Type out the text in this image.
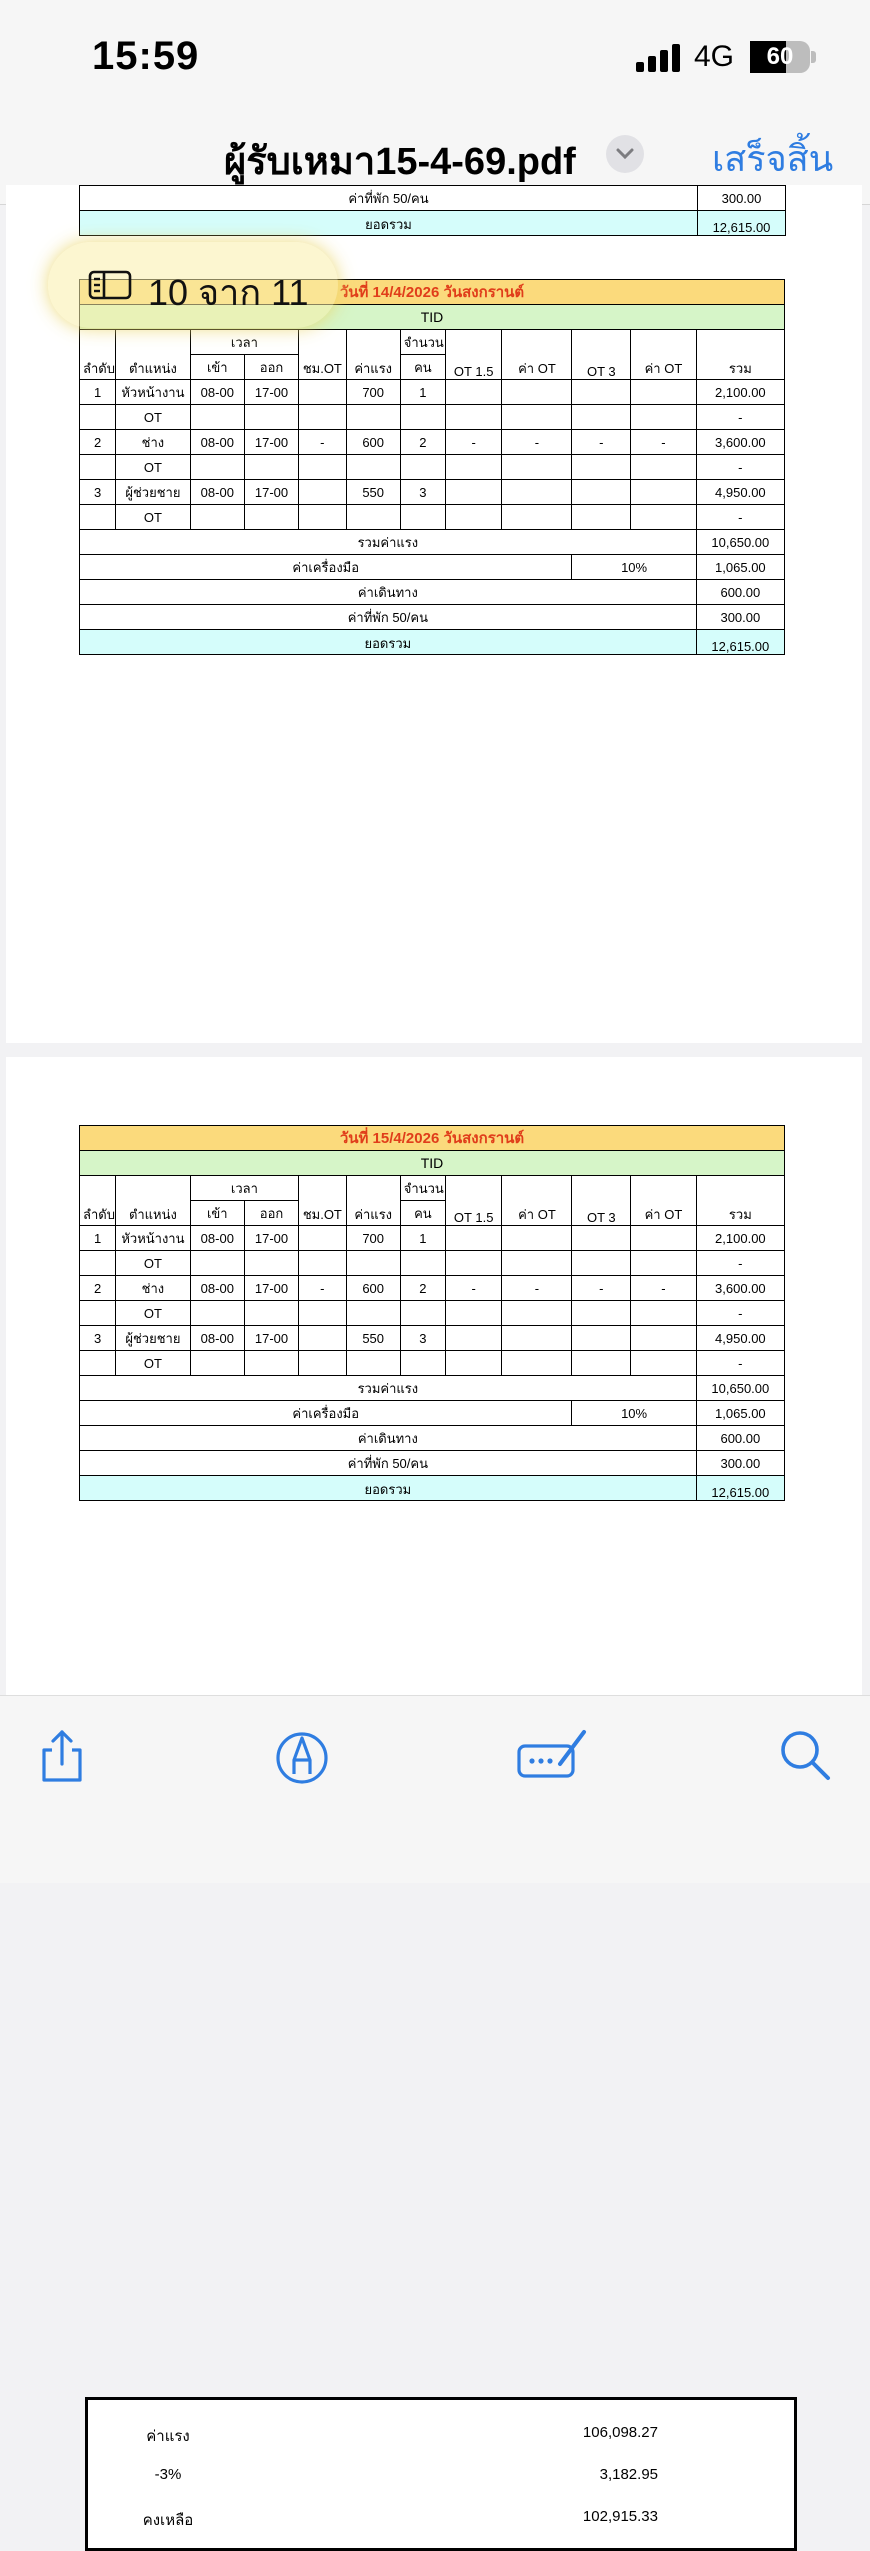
15:59	4G	60
ผู้รับเหมา15-4-69.pdf	เสร็จสิ้น
ค่าที่พัก 50/คน	300.00
ยอดรวม	12,615.00
วันที่ 14/4/2026 วันสงกรานต์											
TID											
ลำดับ	ตำแหน่ง	เวลา		ชม.OT	ค่าแรง	จำนวน	OT 1.5	ค่า OT	OT 3	ค่า OT	รวม
		เข้า	ออก			คน					
1	หัวหน้างาน	08-00	17-00		700	1					2,100.00
	OT										-
2	ช่าง	08-00	17-00	-	600	2	-	-	-	-	3,600.00
	OT										-
3	ผู้ช่วยชาย	08-00	17-00		550	3					4,950.00
	OT										-
รวมค่าแรง											10,650.00
ค่าเครื่องมือ									10%		1,065.00
ค่าเดินทาง											600.00
ค่าที่พัก 50/คน											300.00
ยอดรวม											12,615.00
วันที่ 15/4/2026 วันสงกรานต์											
TID											
ลำดับ	ตำแหน่ง	เวลา		ชม.OT	ค่าแรง	จำนวน	OT 1.5	ค่า OT	OT 3	ค่า OT	รวม
		เข้า	ออก			คน					
1	หัวหน้างาน	08-00	17-00		700	1					2,100.00
	OT										-
2	ช่าง	08-00	17-00	-	600	2	-	-	-	-	3,600.00
	OT										-
3	ผู้ช่วยชาย	08-00	17-00		550	3					4,950.00
	OT										-
รวมค่าแรง											10,650.00
ค่าเครื่องมือ									10%		1,065.00
ค่าเดินทาง											600.00
ค่าที่พัก 50/คน											300.00
ยอดรวม											12,615.00
ค่าแรง	106,098.27
-3%	3,182.95
คงเหลือ	102,915.33
10 จาก 11
